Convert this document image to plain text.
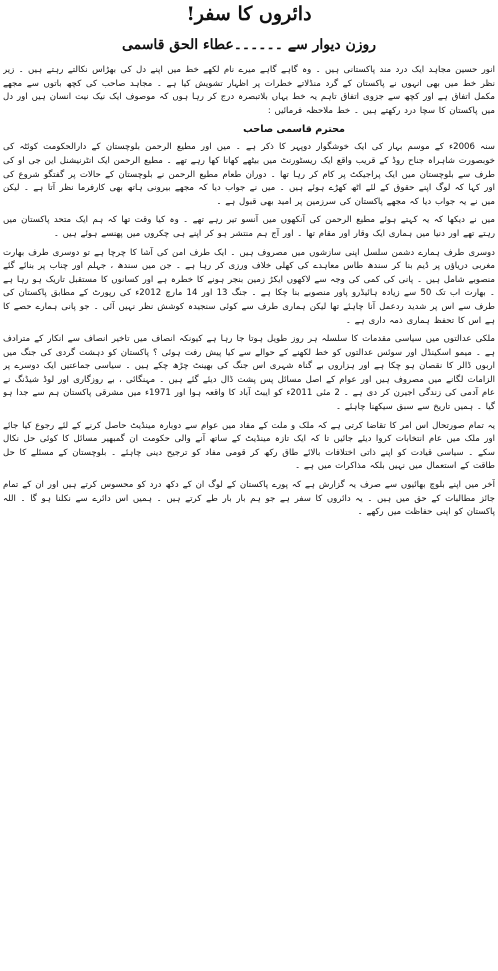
دائروں کا سفر!
روزن دیوار سے ۔۔۔۔۔۔عطاء الحق قاسمی

انور حسین مجاہد ایک درد مند پاکستانی ہیں ۔ وہ گاہے گاہے میرے نام لکھے خط میں اپنے دل کی بھڑاس نکالتے رہتے ہیں ۔ زیر نظر خط میں بھی انہوں نے پاکستان کے گرد منڈلاتے خطرات پر اظہار تشویش کیا ہے ۔ مجاہد صاحب کی کچھ باتوں سے مجھے مکمل اتفاق ہے اور کچھ سے جزوی اتفاق تاہم یہ خط یہاں بلاتبصرہ درج کر رہا ہوں کہ موصوف ایک نیک نیت انسان ہیں اور دل میں پاکستان کا سچا درد رکھتے ہیں ۔ خط ملاحظہ فرمائیں :

محترم قاسمی صاحب

سنہ 2006ء کے موسم بہار کی ایک خوشگوار دوپہر کا ذکر ہے ۔ میں اور مطیع الرحمن بلوچستان کے دارالحکومت کوئٹہ کی خوبصورت شاہراہ جناح روڈ کے قریب واقع ایک ریسٹورنٹ میں بیٹھے کھانا کھا رہے تھے ۔ مطیع الرحمن ایک انٹرنیشنل این جی او کی طرف سے بلوچستان میں ایک پراجیکٹ پر کام کر رہا تھا ۔ دوران طعام مطیع الرحمن نے بلوچستان کے حالات پر گفتگو شروع کی اور کہا کہ لوگ اپنے حقوق کے لئے اٹھ کھڑے ہوئے ہیں ۔ میں نے جواب دیا کہ مجھے بیرونی ہاتھ بھی کارفرما نظر آتا ہے ۔ لیکن میں نے یہ جواب دیا کہ مجھے پاکستان کی سرزمین پر امید بھی قبول ہے ۔

میں نے دیکھا کہ یہ کہتے ہوئے مطیع الرحمن کی آنکھوں میں آنسو تیر رہے تھے ۔ وہ کیا وقت تھا کہ ہم ایک متحد پاکستان میں رہتے تھے اور دنیا میں ہماری ایک وقار اور مقام تھا ۔ اور آج ہم منتشر ہو کر اپنے ہی چکروں میں پھنسے ہوئے ہیں ۔

دوسری طرف ہمارے دشمن سلسل اپنی سازشوں میں مصروف ہیں ۔ ایک طرف امن کی آشا کا چرچا ہے تو دوسری طرف بھارت مغربی دریاؤں پر ڈیم بنا کر سندھ طاس معاہدے کی کھلی خلاف ورزی کر رہا ہے ۔ جن میں سندھ ، جہلم اور چناب پر بنائے گئے منصوبے شامل ہیں ۔ پانی کی کمی کی وجہ سے لاکھوں ایکڑ زمین بنجر ہونے کا خطرہ ہے اور کسانوں کا مستقبل تاریک ہو رہا ہے ۔ بھارت اب تک 50 سے زیادہ ہائیڈرو پاور منصوبے بنا چکا ہے ۔ جنگ 13 اور 14 مارچ 2012ء کی رپورٹ کے مطابق پاکستان کی طرف سے اس پر شدید ردعمل آنا چاہئے تھا لیکن ہماری طرف سے کوئی سنجیدہ کوشش نظر نہیں آئی ۔ جو پانی ہمارے حصے کا ہے اس کا تحفظ ہماری ذمہ داری ہے ۔

ملکی عدالتوں میں سیاسی مقدمات کا سلسلہ ہر روز طویل ہوتا جا رہا ہے کیونکہ انصاف میں تاخیر انصاف سے انکار کے مترادف ہے ۔ میمو اسکینڈل اور سوئس عدالتوں کو خط لکھنے کے حوالے سے کیا پیش رفت ہوئی ؟ پاکستان کو دہشت گردی کی جنگ میں اربوں ڈالر کا نقصان ہو چکا ہے اور ہزاروں بے گناہ شہری اس جنگ کی بھینٹ چڑھ چکے ہیں ۔ سیاسی جماعتیں ایک دوسرے پر الزامات لگانے میں مصروف ہیں اور عوام کے اصل مسائل پس پشت ڈال دیئے گئے ہیں ۔ مہنگائی ، بے روزگاری اور لوڈ شیڈنگ نے عام آدمی کی زندگی اجیرن کر دی ہے ۔ 2 مئی 2011ء کو ایبٹ آباد کا واقعہ ہوا اور 1971ء میں مشرقی پاکستان ہم سے جدا ہو گیا ۔ ہمیں تاریخ سے سبق سیکھنا چاہئے ۔

یہ تمام صورتحال اس امر کا تقاضا کرتی ہے کہ ملک و ملت کے مفاد میں عوام سے دوبارہ مینڈیٹ حاصل کرنے کے لئے رجوع کیا جائے اور ملک میں عام انتخابات کروا دیئے جائیں تا کہ ایک تازہ مینڈیٹ کے ساتھ آنے والی حکومت ان گمبھیر مسائل کا کوئی حل نکال سکے ۔ سیاسی قیادت کو اپنے ذاتی اختلافات بالائے طاق رکھ کر قومی مفاد کو ترجیح دینی چاہئے ۔ بلوچستان کے مسئلے کا حل طاقت کے استعمال میں نہیں بلکہ مذاکرات میں ہے ۔

آخر میں اپنے بلوچ بھائیوں سے صرف یہ گزارش ہے کہ پورے پاکستان کے لوگ ان کے دکھ درد کو محسوس کرتے ہیں اور ان کے تمام جائز مطالبات کے حق میں ہیں ۔ یہ دائروں کا سفر ہے جو ہم بار بار طے کرتے ہیں ۔ ہمیں اس دائرے سے نکلنا ہو گا ۔ اللہ پاکستان کو اپنی حفاظت میں رکھے ۔
